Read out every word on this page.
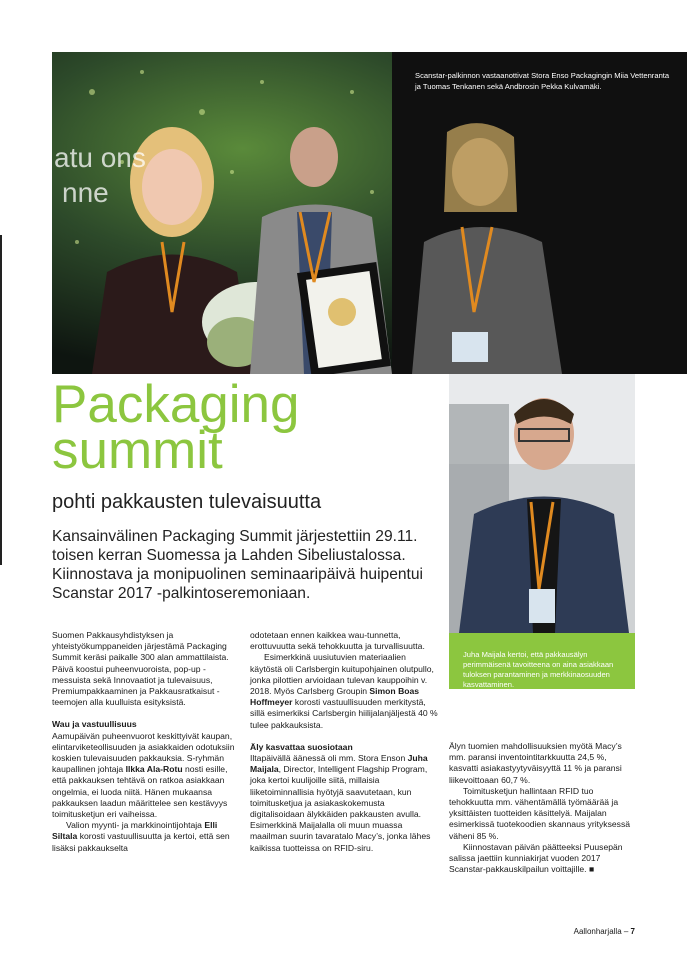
atu ons
nne
Scanstar-palkinnon vastaanottivat Stora Enso Packagingin Miia Vettenranta ja Tuomas Tenkanen sekä Andbrosin Pekka Kulvamäki.
Packaging
summit
pohti pakkausten tulevaisuutta
Kansainvälinen Packaging Summit järjestettiin 29.11. toisen kerran Suomessa ja Lahden Sibeliustalossa. Kiinnostava ja monipuolinen seminaaripäivä huipentui Scanstar 2017 -palkintoseremoniaan.
Juha Maijala kertoi, että pakkausälyn perimmäisenä tavoitteena on aina asiakkaan tuloksen parantaminen ja merkkinaosuuden kasvattaminen.

Suomen Pakkausyhdistyksen ja yhteistyökumppaneiden järjestämä Packaging Summit keräsi paikalle 300 alan ammattilaista. Päivä koostui puheenvuoroista, pop-up -messuista sekä Innovaatiot ja tulevaisuus, Premiumpakkaaminen ja Pakkausratkaisut -teemojen alla kuulluista esityksistä.

Wau ja vastuullisuus

Aamupäivän puheenvuorot keskittyivät kaupan, elintarviketeollisuuden ja asiakkaiden odotuksiin koskien tulevaisuuden pakkauksia. S-ryhmän kaupallinen johtaja Ilkka Ala-Rotu nosti esille, että pakkauksen tehtävä on ratkoa asiakkaan ongelmia, ei luoda niitä. Hänen mukaansa pakkauksen laadun määrittelee sen kestävyys toimitusketjun eri vaiheissa.

Valion myynti- ja markkinointijohtaja Elli Siltala korosti vastuullisuutta ja kertoi, että sen lisäksi pakkaukselta

odotetaan ennen kaikkea wau-tunnetta, erottuvuutta sekä tehokkuutta ja turvallisuutta.

Esimerkkinä uusiutuvien materiaalien käytöstä oli Carlsbergin kuitupohjainen olutpullo, jonka pilottien arvioidaan tulevan kauppoihin v. 2018. Myös Carlsberg Groupin Simon Boas Hoffmeyer korosti vastuullisuuden merkitystä, sillä esimerkiksi Carlsbergin hiilijalanjäljestä 40 % tulee pakkauksista.

Äly kasvattaa suosiotaan

Iltapäivällä äänessä oli mm. Stora Enson Juha Maijala, Director, Intelligent Flagship Program, joka kertoi kuulijoille siitä, millaisia liiketoiminnallisia hyötyjä saavutetaan, kun toimitusketjua ja asiakaskokemusta digitalisoidaan älykkäiden pakkausten avulla. Esimerkkinä Maijalalla oli muun muassa maailman suurin tavaratalo Macy’s, jonka lähes kaikissa tuotteissa on RFID-siru.

Älyn tuomien mahdollisuuksien myötä Macy’s mm. paransi inventointitarkkuutta 24,5 %, kasvatti asiakastyytyväisyyttä 11 % ja paransi liikevoittoaan 60,7 %.

Toimitusketjun hallintaan RFID tuo tehokkuutta mm. vähentämällä työmäärää ja yksittäisten tuotteiden käsittelyä. Maijalan esimerkissä tuotekoodien skannaus yrityksessä väheni 85 %.

Kiinnostavan päivän päätteeksi Puusepän salissa jaettiin kunniakirjat vuoden 2017 Scanstar-pakkauskilpailun voittajille. ■

Aallonharjalla – 7
